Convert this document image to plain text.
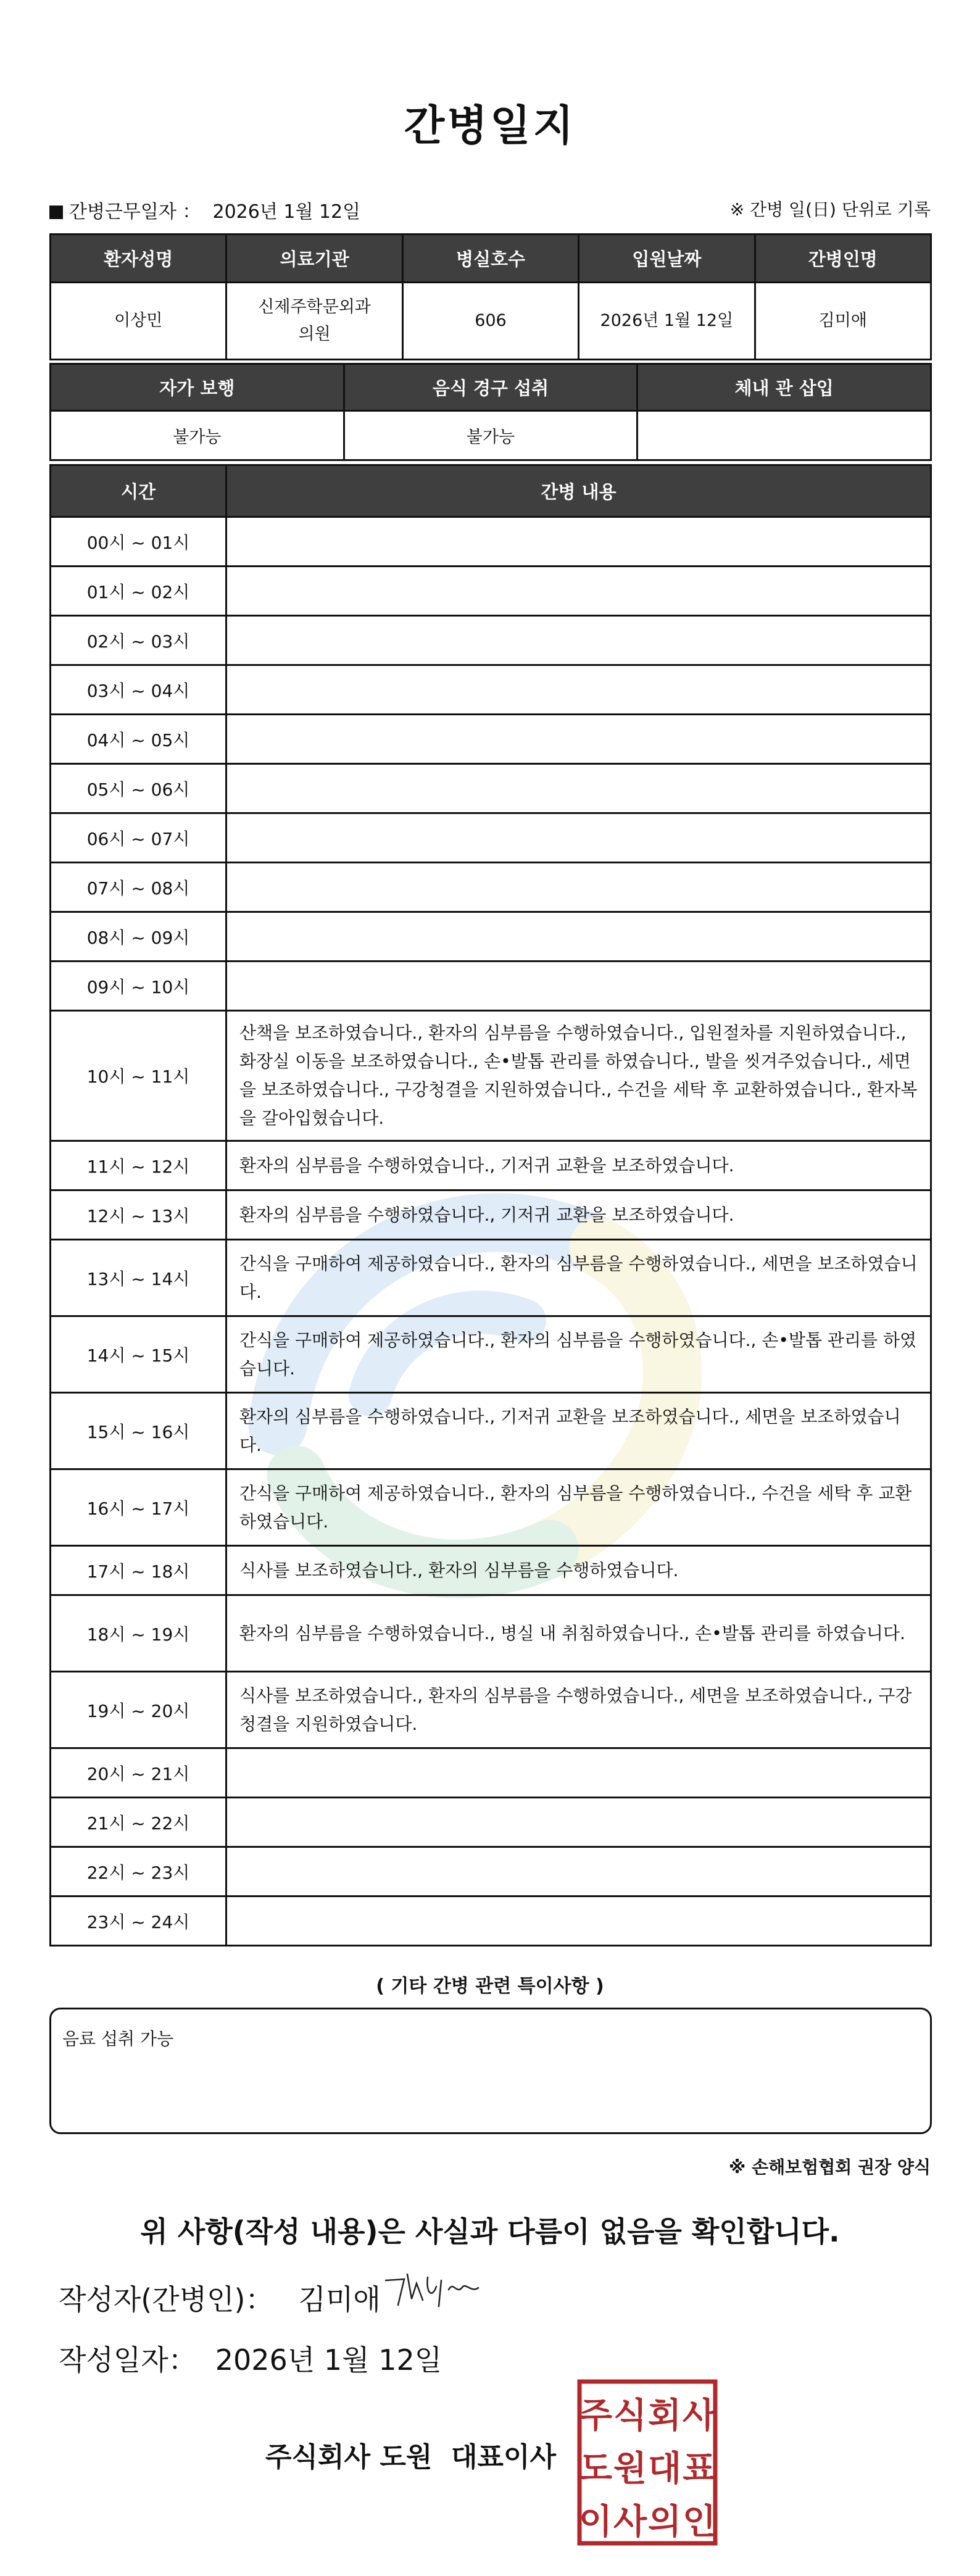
간병일지
간병근무일자 ： 2026년 1월 12일	※ 간병 일(日) 단위로 기록
환자성명	의료기관	병실호수	입원날짜	간병인명
이상민	신제주학문외과의원	606	2026년 1월 12일	김미애
자가 보행	음식 경구 섭취	체내 관 삽입
불가능	불가능	
시간	간병 내용
00시 ~ 01시	
01시 ~ 02시	
02시 ~ 03시	
03시 ~ 04시	
04시 ~ 05시	
05시 ~ 06시	
06시 ~ 07시	
07시 ~ 08시	
08시 ~ 09시	
09시 ~ 10시	
10시 ~ 11시	산책을 보조하였습니다., 환자의 심부름을 수행하였습니다., 입원절차를 지원하였습니다., 화장실 이동을 보조하였습니다., 손•발톱 관리를 하였습니다., 발을 씻겨주었습니다., 세면을 보조하였습니다., 구강청결을 지원하였습니다., 수건을 세탁 후 교환하였습니다., 환자복을 갈아입혔습니다.
11시 ~ 12시	환자의 심부름을 수행하였습니다., 기저귀 교환을 보조하였습니다.
12시 ~ 13시	환자의 심부름을 수행하였습니다., 기저귀 교환을 보조하였습니다.
13시 ~ 14시	간식을 구매하여 제공하였습니다., 환자의 심부름을 수행하였습니다., 세면을 보조하였습니다.
14시 ~ 15시	간식을 구매하여 제공하였습니다., 환자의 심부름을 수행하였습니다., 손•발톱 관리를 하였습니다.
15시 ~ 16시	환자의 심부름을 수행하였습니다., 기저귀 교환을 보조하였습니다., 세면을 보조하였습니다.
16시 ~ 17시	간식을 구매하여 제공하였습니다., 환자의 심부름을 수행하였습니다., 수건을 세탁 후 교환하였습니다.
17시 ~ 18시	식사를 보조하였습니다., 환자의 심부름을 수행하였습니다.
18시 ~ 19시	환자의 심부름을 수행하였습니다., 병실 내 취침하였습니다., 손•발톱 관리를 하였습니다.
19시 ~ 20시	식사를 보조하였습니다., 환자의 심부름을 수행하였습니다., 세면을 보조하였습니다., 구강청결을 지원하였습니다.
20시 ~ 21시	
21시 ~ 22시	
22시 ~ 23시	
23시 ~ 24시	
( 기타 간병 관련 특이사항 )
음료 섭취 가능
※ 손해보험협회 권장 양식
위 사항(작성 내용)은 사실과 다름이 없음을 확인합니다.
작성자(간병인)： 김미애
작성일자： 2026년 1월 12일
주식회사 도원  대표이사
주 식 회 사
도 원 대 표
이 사 의 인
